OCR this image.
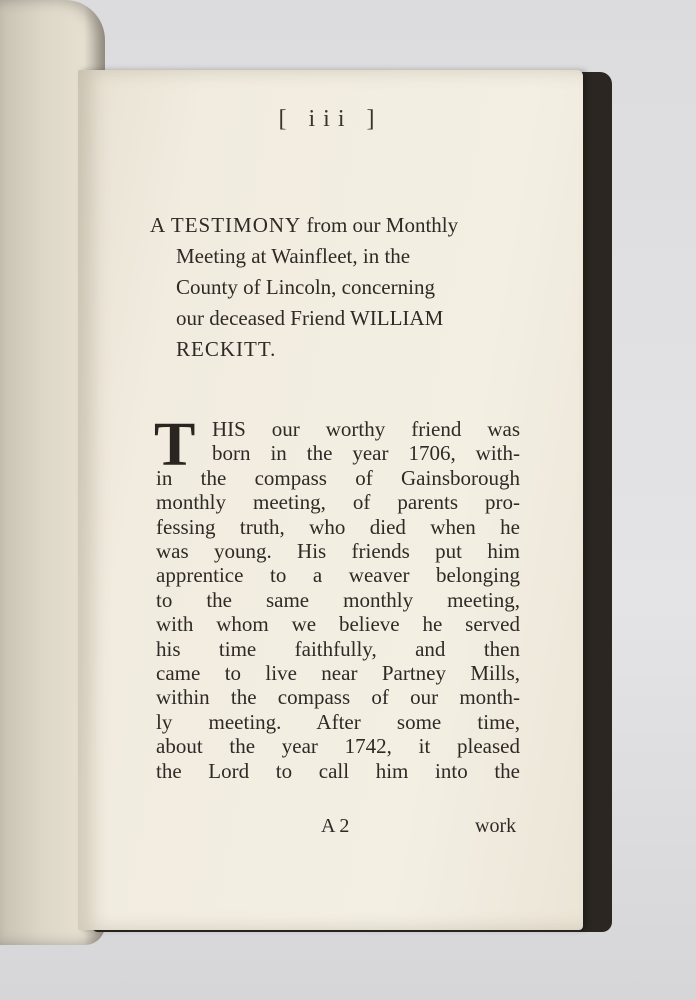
[ iii ]
A TESTIMONY from our Monthly
Meeting at Wainfleet, in the
County of Lincoln, concerning
our deceased Friend WILLIAM
RECKITT.
T HIS our worthy friend was
born in the year 1706, with-
in the compass of Gainsborough
monthly meeting, of parents pro-
fessing truth, who died when he
was young. His friends put him
apprentice to a weaver belonging
to the same monthly meeting,
with whom we believe he served
his time faithfully, and then
came to live near Partney Mills,
within the compass of our month-
ly meeting. After some time,
about the year 1742, it pleased
the Lord to call him into the
A 2	work
